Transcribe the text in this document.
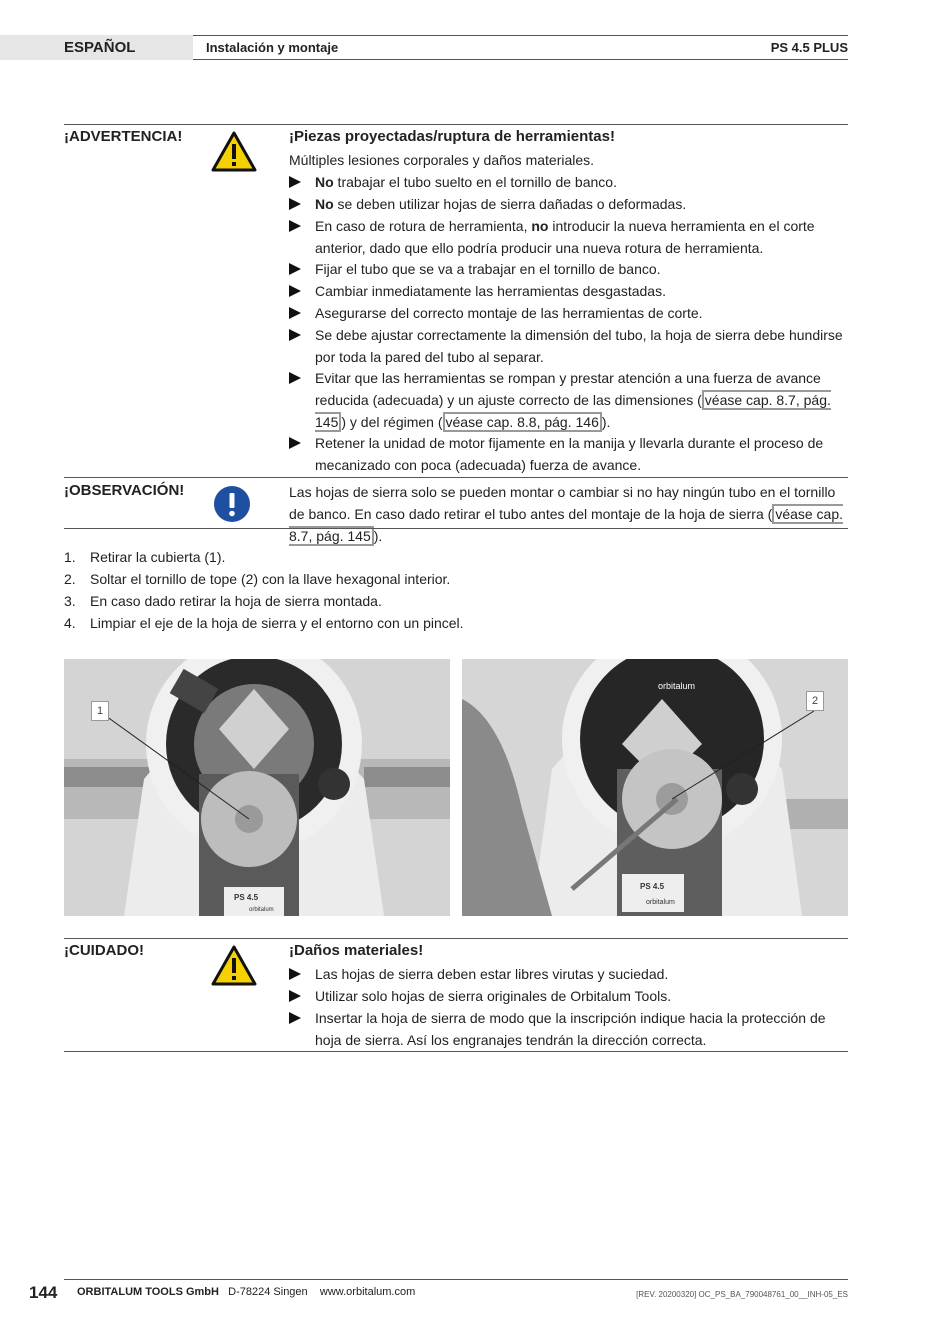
ESPAÑOL	Instalación y montaje	PS 4.5 PLUS
¡ADVERTENCIA!	¡Piezas proyectadas/ruptura de herramientas!
Múltiples lesiones corporales y daños materiales.
No trabajar el tubo suelto en el tornillo de banco.
No se deben utilizar hojas de sierra dañadas o deformadas.
En caso de rotura de herramienta, no introducir la nueva herramienta en el corte anterior, dado que ello podría producir una nueva rotura de herramienta.
Fijar el tubo que se va a trabajar en el tornillo de banco.
Cambiar inmediatamente las herramientas desgastadas.
Asegurarse del correcto montaje de las herramientas de corte.
Se debe ajustar correctamente la dimensión del tubo, la hoja de sierra debe hundirse por toda la pared del tubo al separar.
Evitar que las herramientas se rompan y prestar atención a una fuerza de avance reducida (adecuada) y un ajuste correcto de las dimensiones ( véase cap. 8.7, pág. 145 ) y del régimen ( véase cap. 8.8, pág. 146 ).
Retener la unidad de motor fijamente en la manija y llevarla durante el proceso de mecanizado con poca (adecuada) fuerza de avance.
¡OBSERVACIÓN!	Las hojas de sierra solo se pueden montar o cambiar si no hay ningún tubo en el tornillo de banco. En caso dado retirar el tubo antes del montaje de la hoja de sierra ( véase cap. 8.7, pág. 145 ).
1.	Retirar la cubierta (1).
2.	Soltar el tornillo de tope (2) con la llave hexagonal interior.
3.	En caso dado retirar la hoja de sierra montada.
4.	Limpiar el eje de la hoja de sierra y el entorno con un pincel.
PS 4.5
orbitalum
1
PS 4.5
orbitalum
orbitalum
2
¡CUIDADO!	¡Daños materiales!
Las hojas de sierra deben estar libres virutas y suciedad.
Utilizar solo hojas de sierra originales de Orbitalum Tools.
Insertar la hoja de sierra de modo que la inscripción indique hacia la protección de hoja de sierra. Así los engranajes tendrán la dirección correcta.
144 ORBITALUM TOOLS GmbH D-78224 Singen www.orbitalum.com	[REV. 20200320] OC_PS_BA_790048761_00__INH-05_ES
